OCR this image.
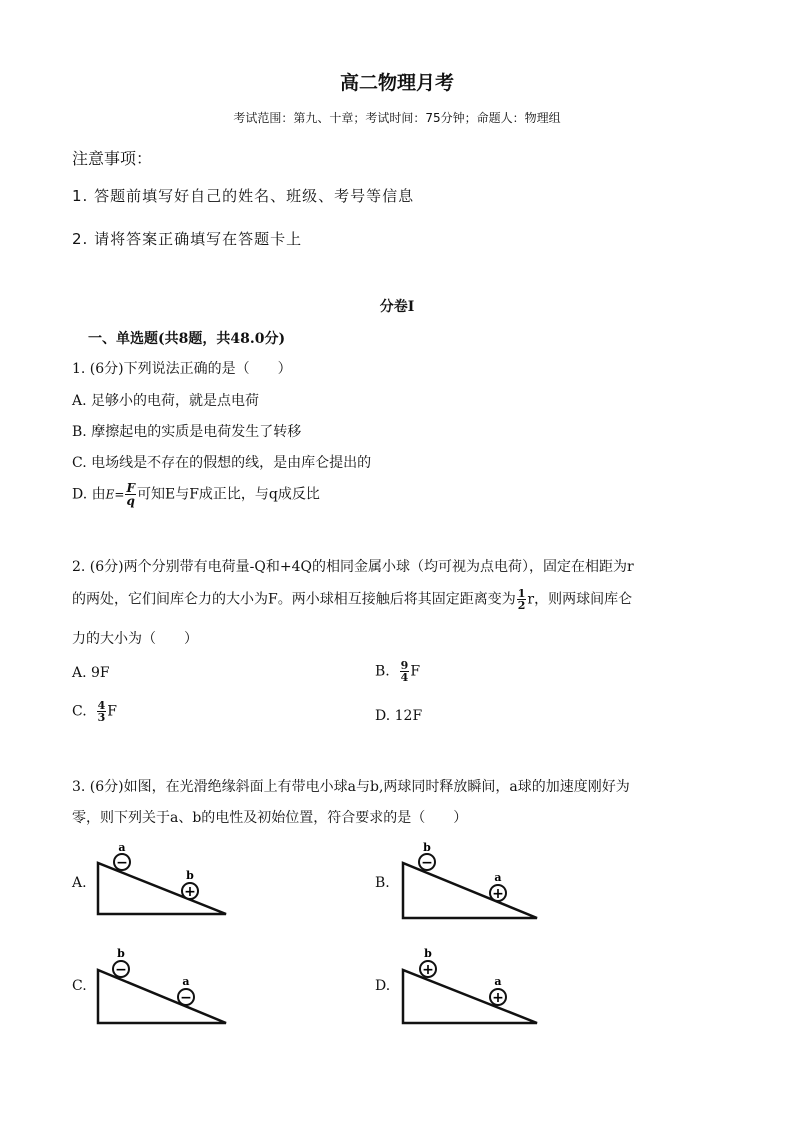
高二物理月考
考试范围：第九、十章；考试时间：75分钟；命题人：物理组
注意事项：
1. 答题前填写好自己的姓名、班级、考号等信息
2. 请将答案正确填写在答题卡上
分卷I
一、单选题(共8题，共48.0分)
1. (6分)下列说法正确的是（　　）
A. 足够小的电荷，就是点电荷
B. 摩擦起电的实质是电荷发生了转移
C. 电场线是不存在的假想的线，是由库仑提出的
D. 由$E= \frac{F}{q}$ 可知E与F成正比，与q成反比
2. (6分)两个分别带有电荷量-Q和+4Q的相同金属小球（均可视为点电荷），固定在相距为r
的两处，它们间库仑力的大小为F。两小球相互接触后将其固定距离变为 $\frac{1}{2}$ r，则两球间库仑
力的大小为（　　）
A. 9F	B. $\frac{9}{4}$ F
C. $\frac{4}{3}$ F	D. 12F
3. (6分)如图，在光滑绝缘斜面上有带电小球a与b,两球同时释放瞬间，a球的加速度刚好为
零，则下列关于a、b的电性及初始位置，符合要求的是（　　）
A.
a
−
b
+
B.
b
−
a
+
C.
b
−
a
−
D.
b
+
a
+
